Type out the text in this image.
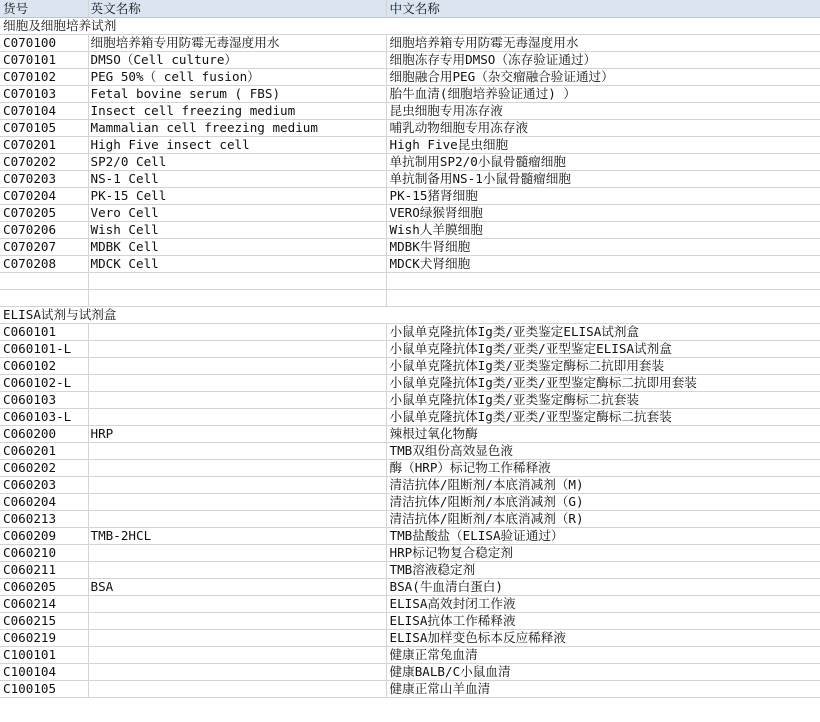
货号	英文名称	中文名称
细胞及细胞培养试剂		
C070100	细胞培养箱专用防霉无毒湿度用水	细胞培养箱专用防霉无毒湿度用水
C070101	DMSO（Cell culture）	细胞冻存专用DMSO（冻存验证通过）
C070102	PEG 50%（ cell fusion）	细胞融合用PEG（杂交瘤融合验证通过）
C070103	Fetal bovine serum ( FBS)	胎牛血清(细胞培养验证通过) ）
C070104	Insect cell freezing medium	昆虫细胞专用冻存液
C070105	Mammalian cell freezing medium	哺乳动物细胞专用冻存液
C070201	High Five insect cell	High Five昆虫细胞
C070202	SP2/0 Cell	单抗制用SP2/0小鼠骨髓瘤细胞
C070203	NS-1 Cell	单抗制备用NS-1小鼠骨髓瘤细胞
C070204	PK-15 Cell	PK-15猪肾细胞
C070205	Vero Cell	VERO绿猴肾细胞
C070206	Wish Cell	Wish人羊膜细胞
C070207	MDBK Cell	MDBK牛肾细胞
C070208	MDCK Cell	MDCK犬肾细胞

ELISA试剂与试剂盒		
C060101		小鼠单克隆抗体Ig类/亚类鉴定ELISA试剂盒
C060101-L		小鼠单克隆抗体Ig类/亚类/亚型鉴定ELISA试剂盒
C060102		小鼠单克隆抗体Ig类/亚类鉴定酶标二抗即用套装
C060102-L		小鼠单克隆抗体Ig类/亚类/亚型鉴定酶标二抗即用套装
C060103		小鼠单克隆抗体Ig类/亚类鉴定酶标二抗套装
C060103-L		小鼠单克隆抗体Ig类/亚类/亚型鉴定酶标二抗套装
C060200	HRP	辣根过氧化物酶
C060201		TMB双组份高效显色液
C060202		酶（HRP）标记物工作稀释液
C060203		清洁抗体/阻断剂/本底消减剂（M)
C060204		清洁抗体/阻断剂/本底消减剂（G)
C060213		清洁抗体/阻断剂/本底消减剂（R)
C060209	TMB-2HCL	TMB盐酸盐（ELISA验证通过）
C060210		HRP标记物复合稳定剂
C060211		TMB溶液稳定剂
C060205	BSA	BSA(牛血清白蛋白)
C060214		ELISA高效封闭工作液
C060215		ELISA抗体工作稀释液
C060219		ELISA加样变色标本反应稀释液
C100101		健康正常兔血清
C100104		健康BALB/C小鼠血清
C100105		健康正常山羊血清
